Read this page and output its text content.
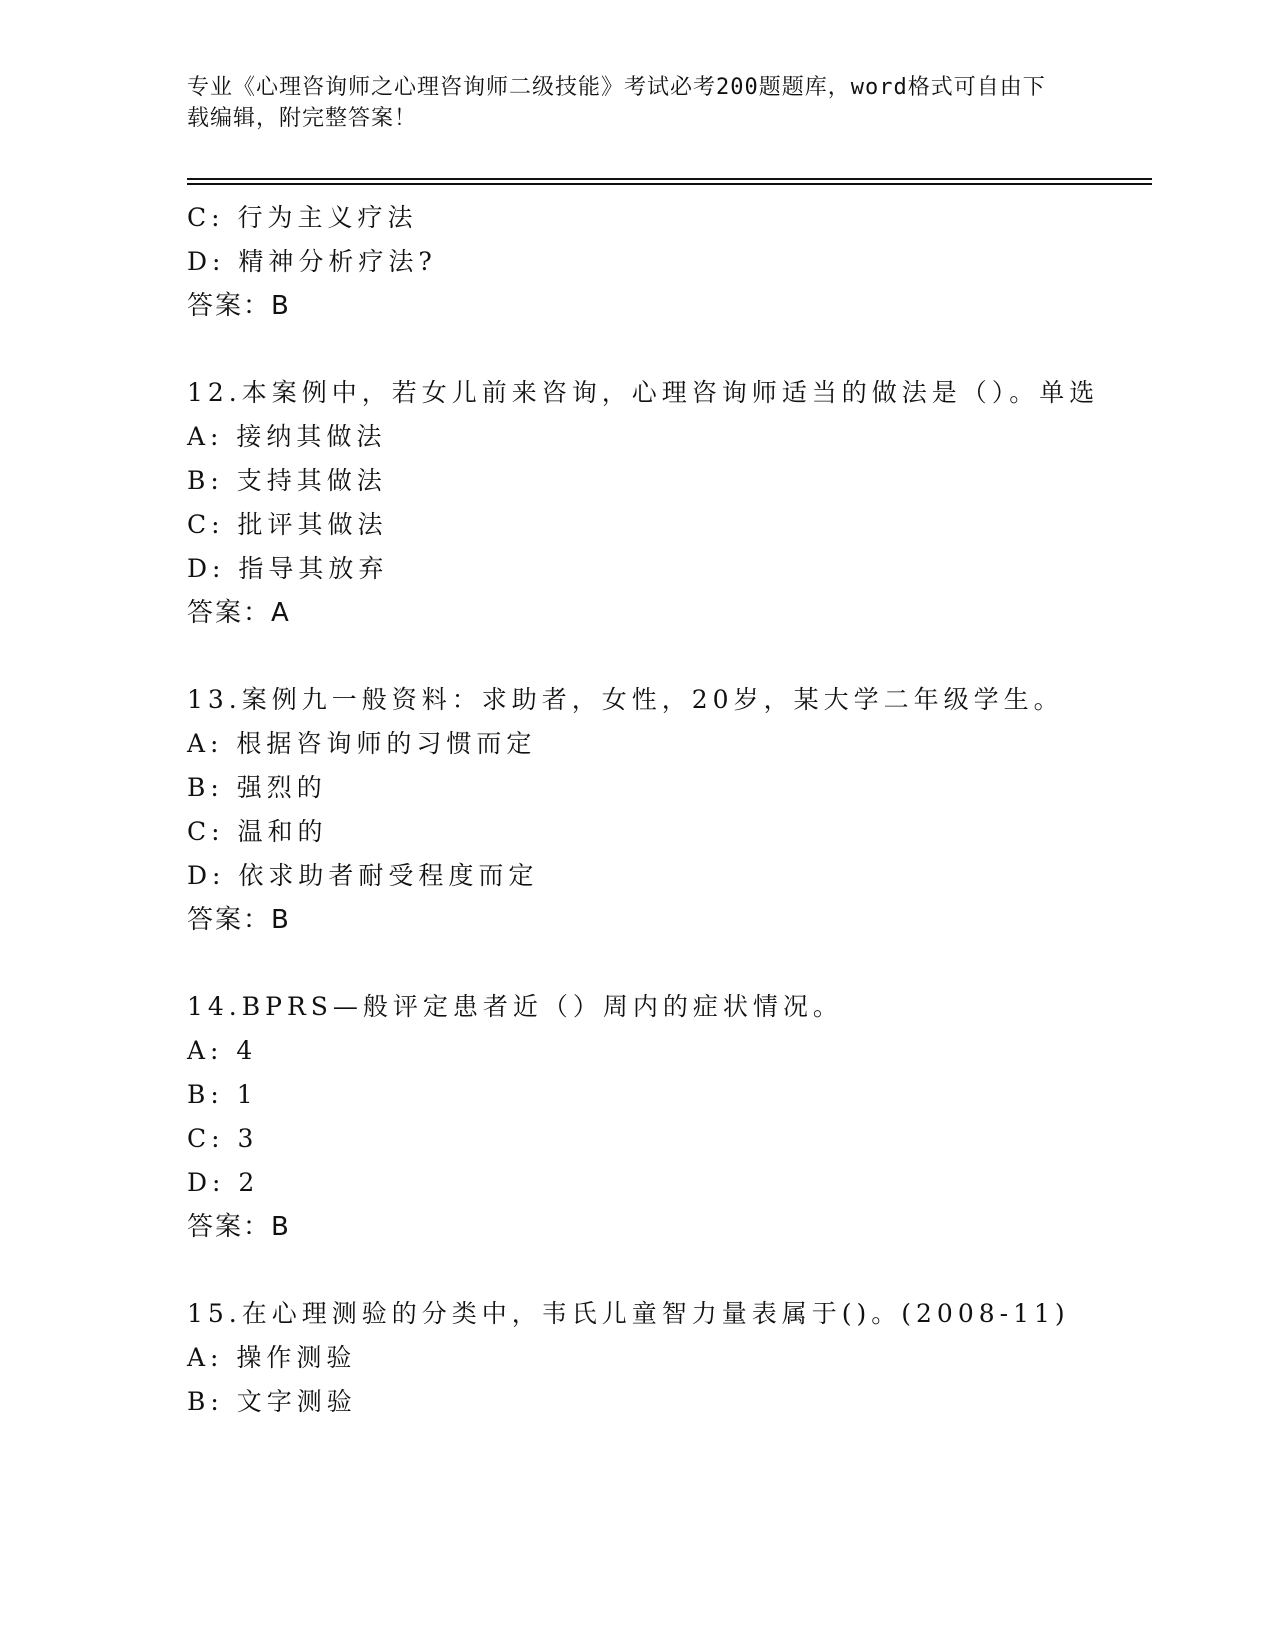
专业《心理咨询师之心理咨询师二级技能》考试必考200题题库，word格式可自由下载编辑，附完整答案！
C: 行为主义疗法
D: 精神分析疗法?
答案：B
12.本案例中，若女儿前来咨询，心理咨询师适当的做法是（）。单选
A: 接纳其做法
B: 支持其做法
C: 批评其做法
D: 指导其放弃
答案：A
13.案例九一般资料：求助者，女性，20岁，某大学二年级学生。
A: 根据咨询师的习惯而定
B: 强烈的
C: 温和的
D: 依求助者耐受程度而定
答案：B
14.BPRS—般评定患者近（）周内的症状情况。
A: 4
B: 1
C: 3
D: 2
答案：B
15.在心理测验的分类中，韦氏儿童智力量表属于()。(2008-11)
A: 操作测验
B: 文字测验
